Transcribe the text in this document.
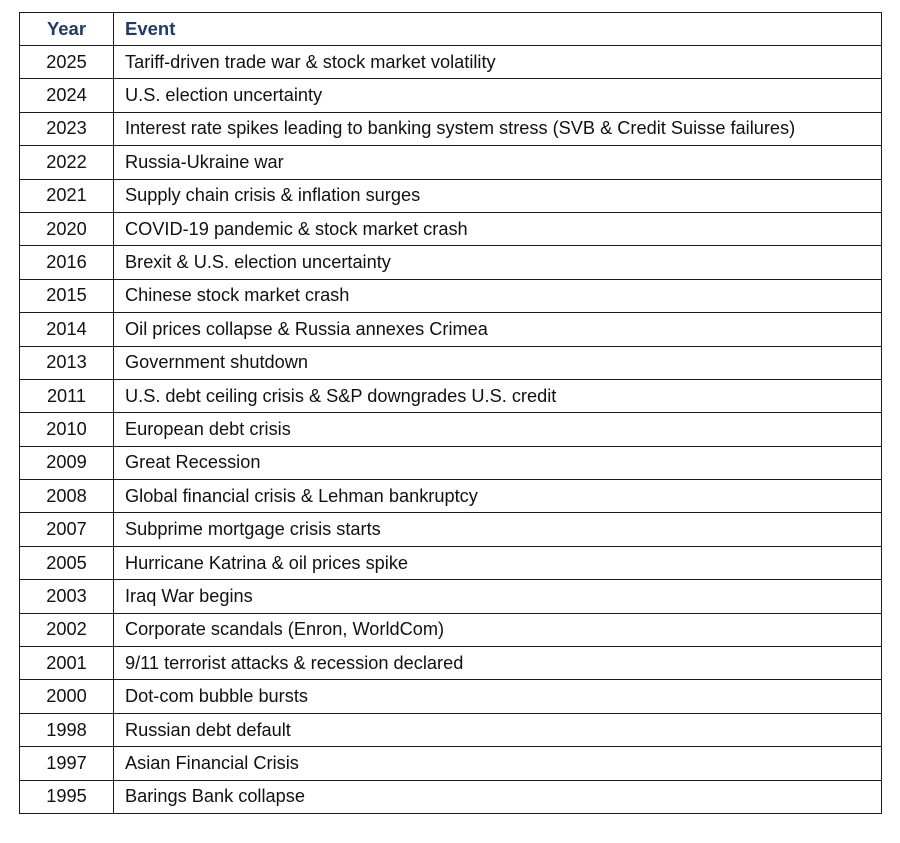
Year	Event
2025	Tariff-driven trade war & stock market volatility
2024	U.S. election uncertainty
2023	Interest rate spikes leading to banking system stress (SVB & Credit Suisse failures)
2022	Russia-Ukraine war
2021	Supply chain crisis & inflation surges
2020	COVID-19 pandemic & stock market crash
2016	Brexit & U.S. election uncertainty
2015	Chinese stock market crash
2014	Oil prices collapse & Russia annexes Crimea
2013	Government shutdown
2011	U.S. debt ceiling crisis & S&P downgrades U.S. credit
2010	European debt crisis
2009	Great Recession
2008	Global financial crisis & Lehman bankruptcy
2007	Subprime mortgage crisis starts
2005	Hurricane Katrina & oil prices spike
2003	Iraq War begins
2002	Corporate scandals (Enron, WorldCom)
2001	9/11 terrorist attacks & recession declared
2000	Dot-com bubble bursts
1998	Russian debt default
1997	Asian Financial Crisis
1995	Barings Bank collapse
